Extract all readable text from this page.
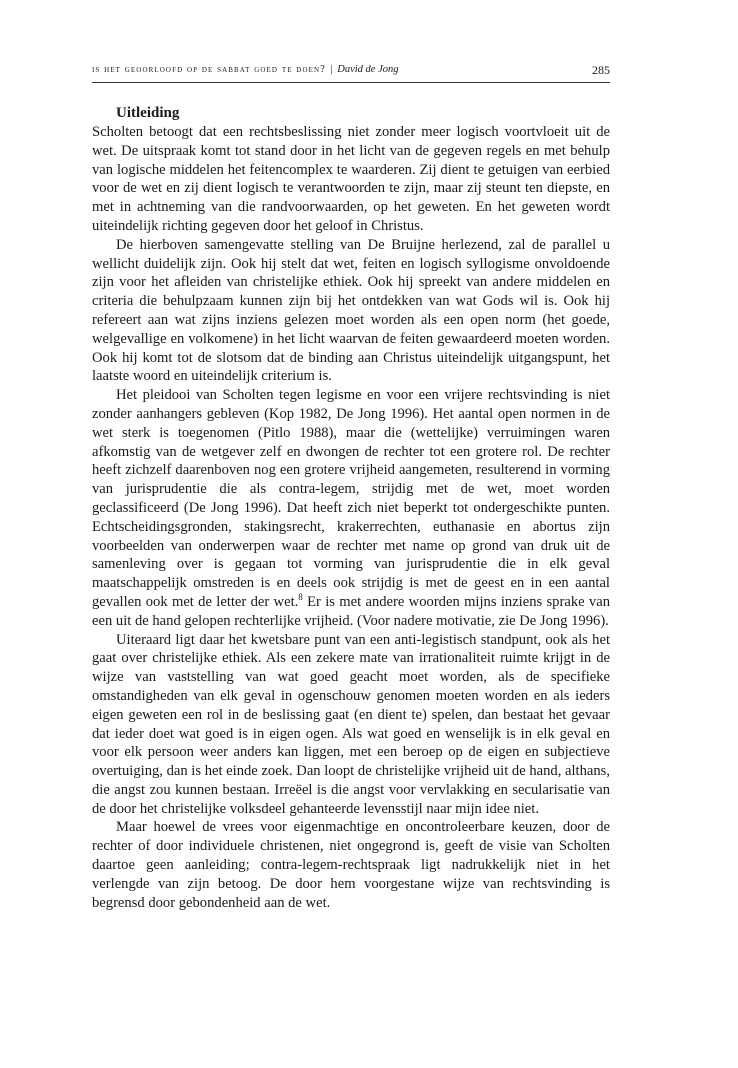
is het geoorloofd op de sabbat goed te doen? | David de Jong	285
Uitleiding

Scholten betoogt dat een rechtsbeslissing niet zonder meer logisch voortvloeit uit de wet. De uitspraak komt tot stand door in het licht van de gegeven regels en met behulp van logische middelen het feitencomplex te waarderen. Zij dient te getuigen van eerbied voor de wet en zij dient logisch te verantwoorden te zijn, maar zij steunt ten diepste, en met in achtneming van die randvoorwaarden, op het geweten. En het geweten wordt uiteindelijk richting gegeven door het geloof in Christus.

De hierboven samengevatte stelling van De Bruijne herlezend, zal de parallel u wellicht duidelijk zijn. Ook hij stelt dat wet, feiten en logisch syllogisme onvoldoende zijn voor het afleiden van christelijke ethiek. Ook hij spreekt van andere middelen en criteria die behulpzaam kunnen zijn bij het ontdekken van wat Gods wil is. Ook hij refereert aan wat zijns inziens gelezen moet worden als een open norm (het goede, welgevallige en volkomene) in het licht waarvan de feiten gewaardeerd moeten worden. Ook hij komt tot de slotsom dat de binding aan Christus uiteindelijk uitgangspunt, het laatste woord en uiteindelijk criterium is.

Het pleidooi van Scholten tegen legisme en voor een vrijere rechtsvinding is niet zonder aanhangers gebleven (Kop 1982, De Jong 1996). Het aantal open normen in de wet sterk is toegenomen (Pitlo 1988), maar die (wettelijke) verruimingen waren afkomstig van de wetgever zelf en dwongen de rechter tot een grotere rol. De rechter heeft zichzelf daarenboven nog een grotere vrijheid aangemeten, resulterend in vorming van jurisprudentie die als contra-legem, strijdig met de wet, moet worden geclassificeerd (De Jong 1996). Dat heeft zich niet beperkt tot ondergeschikte punten. Echtscheidingsgronden, stakingsrecht, krakerrechten, euthanasie en abortus zijn voorbeelden van onderwerpen waar de rechter met name op grond van druk uit de samenleving over is gegaan tot vorming van jurisprudentie die in elk geval maatschappelijk omstreden is en deels ook strijdig is met de geest en in een aantal gevallen ook met de letter der wet.$^8$ Er is met andere woorden mijns inziens sprake van een uit de hand gelopen rechterlijke vrijheid. (Voor nadere motivatie, zie De Jong 1996).

Uiteraard ligt daar het kwetsbare punt van een anti-legistisch standpunt, ook als het gaat over christelijke ethiek. Als een zekere mate van irrationaliteit ruimte krijgt in de wijze van vaststelling van wat goed geacht moet worden, als de specifieke omstandigheden van elk geval in ogenschouw genomen moeten worden en als ieders eigen geweten een rol in de beslissing gaat (en dient te) spelen, dan bestaat het gevaar dat ieder doet wat goed is in eigen ogen. Als wat goed en wenselijk is in elk geval en voor elk persoon weer anders kan liggen, met een beroep op de eigen en subjectieve overtuiging, dan is het einde zoek. Dan loopt de christelijke vrijheid uit de hand, althans, die angst zou kunnen bestaan. Irreëel is die angst voor vervlakking en secularisatie van de door het christelijke volksdeel gehanteerde levensstijl naar mijn idee niet.

Maar hoewel de vrees voor eigenmachtige en oncontroleerbare keuzen, door de rechter of door individuele christenen, niet ongegrond is, geeft de visie van Scholten daartoe geen aanleiding; contra-legem-rechtspraak ligt nadrukkelijk niet in het verlengde van zijn betoog. De door hem voorgestane wijze van rechtsvinding is begrensd door gebondenheid aan de wet.
